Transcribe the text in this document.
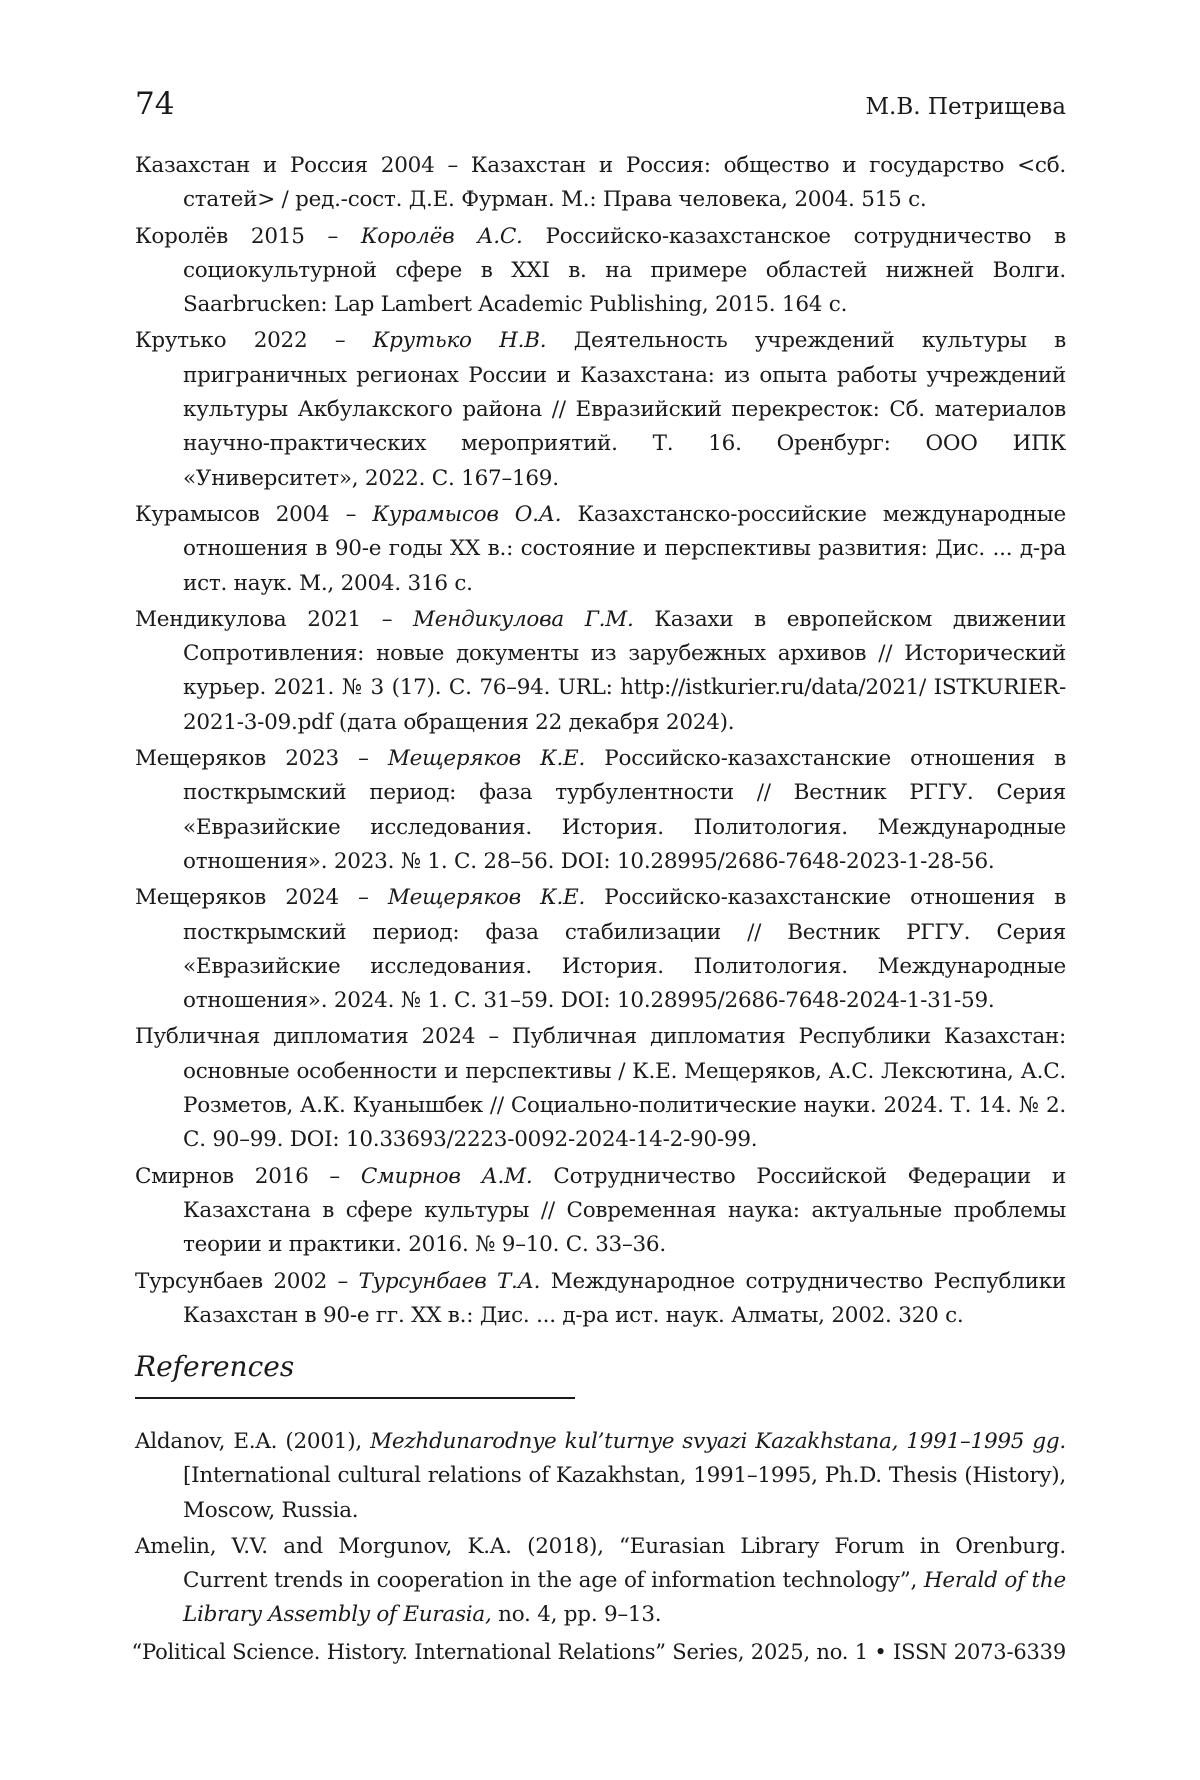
74	М.В. Петрищева

Казахстан и Россия 2004 – Казахстан и Россия: общество и государство <сб. статей> / ред.-сост. Д.Е. Фурман. М.: Права человека, 2004. 515 с.

Королёв 2015 – Королёв А.С. Российско-казахстанское сотрудничество в социокультурной сфере в XXI в. на примере областей нижней Волги. Saarbrucken: Lap Lambert Academic Publishing, 2015. 164 с.

Крутько 2022 – Крутько Н.В. Деятельность учреждений культуры в приграничных регионах России и Казахстана: из опыта работы учреждений культуры Акбулакского района // Евразийский перекресток: Сб. материалов научно-практических мероприятий. Т. 16. Оренбург: ООО ИПК «Университет», 2022. С. 167–169.

Курамысов 2004 – Курамысов О.А. Казахстанско-российские международные отношения в 90-е годы XX в.: состояние и перспективы развития: Дис. ... д-ра ист. наук. М., 2004. 316 с.

Мендикулова 2021 – Мендикулова Г.М. Казахи в европейском движении Сопротивления: новые документы из зарубежных архивов // Исторический курьер. 2021. № 3 (17). С. 76–94. URL: http://istkurier.ru/data/2021/ ISTKURIER-2021-3-09.pdf (дата обращения 22 декабря 2024).

Мещеряков 2023 – Мещеряков К.Е. Российско-казахстанские отношения в посткрымский период: фаза турбулентности // Вестник РГГУ. Серия «Евразийские исследования. История. Политология. Международные отношения». 2023. № 1. С. 28–56. DOI: 10.28995/2686-7648-2023-1-28-56.

Мещеряков 2024 – Мещеряков К.Е. Российско-казахстанские отношения в посткрымский период: фаза стабилизации // Вестник РГГУ. Серия «Евразийские исследования. История. Политология. Международные отношения». 2024. № 1. С. 31–59. DOI: 10.28995/2686-7648-2024-1-31-59.

Публичная дипломатия 2024 – Публичная дипломатия Республики Казахстан: основные особенности и перспективы / К.Е. Мещеряков, А.С. Лексютина, А.С. Розметов, А.К. Куанышбек // Социально-политические науки. 2024. Т. 14. № 2. С. 90–99. DOI: 10.33693/2223-0092-2024-14-2-90-99.

Смирнов 2016 – Смирнов А.М. Сотрудничество Российской Федерации и Казахстана в сфере культуры // Современная наука: актуальные проблемы теории и практики. 2016. № 9–10. С. 33–36.

Турсунбаев 2002 – Турсунбаев Т.А. Международное сотрудничество Республики Казахстан в 90-е гг. XX в.: Дис. ... д-ра ист. наук. Алматы, 2002. 320 с.

References

Aldanov, E.A. (2001), Mezhdunarodnye kul’turnye svyazi Kazakhstana, 1991–1995 gg. [International cultural relations of Kazakhstan, 1991–1995, Ph.D. Thesis (History), Moscow, Russia.

Amelin, V.V. and Morgunov, K.A. (2018), “Eurasian Library Forum in Orenburg. Current trends in cooperation in the age of information technology”, Herald of the Library Assembly of Eurasia, no. 4, pp. 9–13.

“Political Science. History. International Relations” Series, 2025, no. 1 • ISSN 2073-6339
